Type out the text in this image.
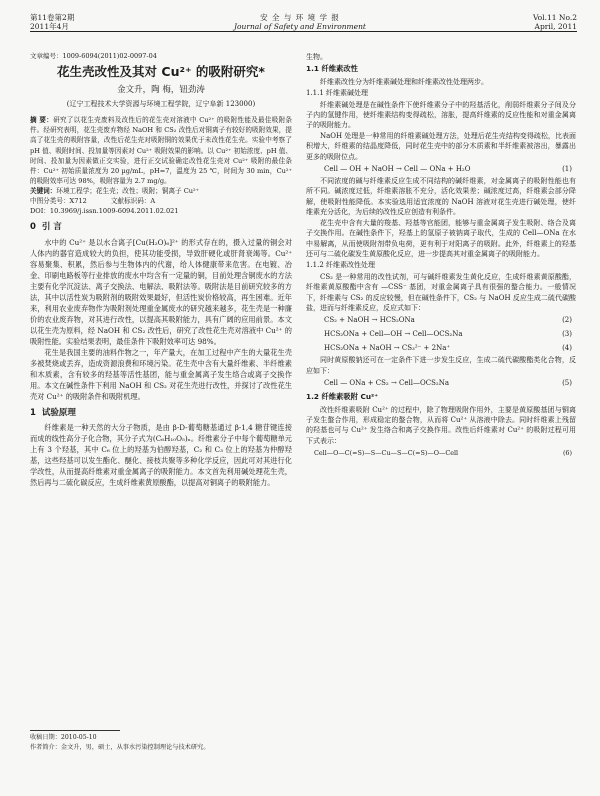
第11卷第2期
2011年4月
安 全 与 环 境 学 报
Journal of Safety and Environment
Vol.11 No.2
April, 2011
文章编号：1009-6094(2011)02-0097-04
花生壳改性及其对 Cu²⁺ 的吸附研究*
金文升，陶 梅，钮劲涛
(辽宁工程技术大学资源与环境工程学院，辽宁阜新 123000)
摘 要：研究了以花生壳废料及改性后的花生壳对溶液中 Cu²⁺ 的吸附性能及最佳吸附条件。经研究表明，花生壳废弃物经 NaOH 和 CS₂ 改性后对铜离子有较好的吸附效果，提高了花生壳的吸附容量，改性后花生壳对吸附铜的效果优于未改性花生壳。实验中考察了 pH 值、吸附时间、投加量等因素对 Cu²⁺ 吸附效果的影响。以 Cu²⁺ 初始浓度、pH 值、时间、投加量为因素做正交实验，进行正交试验确定改性花生壳对 Cu²⁺ 吸附的最佳条件：Cu²⁺ 初始质量浓度为 20 µg/mL，pH=7，温度为 25 ℃，时间为 30 min，Cu²⁺ 的吸附效率可达 98%，吸附容量为 2.7 mg/g。
关键词：环境工程学；花生壳；改性；吸附；铜离子 Cu²⁺
中图分类号：X712	文献标识码：A
DOI：10.3969/j.issn.1009-6094.2011.02.021
0 引 言

水中的 Cu²⁺ 是以水合离子[Cu(H₂O)₆]²⁺ 的形式存在的，摄入过量的铜会对人体内的器官造成较大的负担，使其功能受损，导致肝硬化或肝肾衰竭等。Cu²⁺ 容易聚集、积累，然后参与生物体内的代谢，给人体健康带来危害。在电镀、冶金、印刷电路板等行业排放的废水中均含有一定量的铜，目前处理含铜废水的方法主要有化学沉淀法、离子交换法、电解法、吸附法等。吸附法是目前研究较多的方法，其中以活性炭为吸附剂的吸附效果最好，但活性炭价格较高，再生困难。近年来，利用农业废弃物作为吸附剂处理重金属废水的研究越来越多，花生壳是一种廉价的农业废弃物，对其进行改性，以提高其吸附能力，具有广阔的应用前景。本文以花生壳为原料，经 NaOH 和 CS₂ 改性后，研究了改性花生壳对溶液中 Cu²⁺ 的吸附性能。实验结果表明，最佳条件下吸附效率可达 98%。

花生是我国主要的油料作物之一，年产量大，在加工过程中产生的大量花生壳多被焚烧或丢弃，造成资源浪费和环境污染。花生壳中含有大量纤维素、半纤维素和木质素，含有较多的羟基等活性基团，能与重金属离子发生络合或离子交换作用。本文在碱性条件下利用 NaOH 和 CS₂ 对花生壳进行改性，并探讨了改性花生壳对 Cu²⁺ 的吸附条件和吸附机理。

1 试验原理

纤维素是一种天然的大分子物质，是由 β-D-葡萄糖基通过 β-1,4 糖苷键连接而成的线性高分子化合物，其分子式为(C₆H₁₀O₅)ₙ。纤维素分子中每个葡萄糖单元上有 3 个羟基，其中 C₆ 位上的羟基为伯醇羟基，C₂ 和 C₃ 位上的羟基为仲醇羟基，这些羟基可以发生酯化、醚化、接枝共聚等多种化学反应，因此可对其进行化学改性，从而提高纤维素对重金属离子的吸附能力。本文首先利用碱处理花生壳，然后再与二硫化碳反应，生成纤维素黄原酸酯，以提高对铜离子的吸附能力。

收稿日期：2010-05-10
作者简介：金文升，男，硕士，从事水污染控制理论与技术研究。

生物。

1.1 纤维素改性

纤维素改性分为纤维素碱处理和纤维素改性处理两步。

1.1.1 纤维素碱处理

纤维素碱处理是在碱性条件下使纤维素分子中的羟基活化，削弱纤维素分子间及分子内的氢键作用，使纤维素结构变得疏松，溶胀，提高纤维素的反应性能和对重金属离子的吸附能力。

NaOH 处理是一种常用的纤维素碱处理方法，处理后花生壳结构变得疏松，比表面积增大，纤维素的结晶度降低，同时花生壳中的部分木质素和半纤维素被溶出，暴露出更多的吸附位点。

Cell — OH + NaOH → Cell — ONa + H₂O	(1)

不同浓度的碱与纤维素反应生成不同结构的碱纤维素，对金属离子的吸附性能也有所不同。碱浓度过低，纤维素溶胀不充分，活化效果差；碱浓度过高，纤维素会部分降解，使吸附性能降低。本实验选用适宜浓度的 NaOH 溶液对花生壳进行碱处理，使纤维素充分活化，为后续的改性反应创造有利条件。

花生壳中含有大量的羧基、羟基等官能团，能够与重金属离子发生吸附、络合及离子交换作用。在碱性条件下，羟基上的氢原子被钠离子取代，生成的 Cell—ONa 在水中易解离，从而使吸附剂带负电荷，更有利于对阳离子的吸附。此外，纤维素上的羟基还可与二硫化碳发生黄原酸化反应，进一步提高其对重金属离子的吸附能力。

1.1.2 纤维素改性处理

CS₂ 是一种常用的改性试剂，可与碱纤维素发生黄化反应，生成纤维素黄原酸酯，纤维素黄原酸酯中含有 —CSS⁻ 基团，对重金属离子具有很强的螯合能力。一般情况下，纤维素与 CS₂ 的反应较慢，但在碱性条件下，CS₂ 与 NaOH 反应生成二硫代碳酸盐，进而与纤维素反应，反应式如下：

CS₂ + NaOH → HCS₂ONa	(2)
HCS₂ONa + Cell—OH → Cell—OCS₂Na	(3)
HCS₂ONa + NaOH → CS₃²⁻ + 2Na⁺	(4)

同时黄原酸钠还可在一定条件下进一步发生反应，生成二硫代碳酸酯类化合物，反应如下：

Cell — ONa + CS₂ → Cell—OCS₂Na	(5)
1.2 纤维素吸附 Cu²⁺

改性纤维素吸附 Cu²⁺ 的过程中，除了物理吸附作用外，主要是黄原酸基团与铜离子发生螯合作用，形成稳定的螯合物，从而将 Cu²⁺ 从溶液中除去。同时纤维素上残留的羟基也可与 Cu²⁺ 发生络合和离子交换作用。改性后纤维素对 Cu²⁺ 的吸附过程可用下式表示：

Cell—O—C(=S)—S—Cu—S—C(=S)—O—Cell	(6)
